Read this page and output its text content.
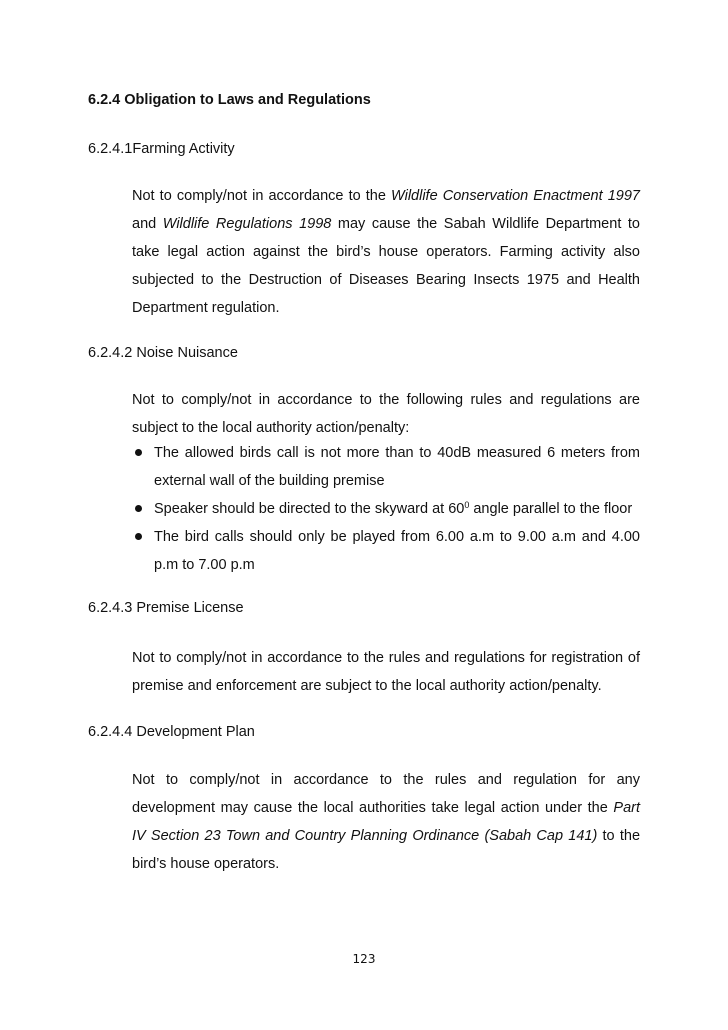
6.2.4 Obligation to Laws and Regulations
6.2.4.1Farming Activity
Not to comply/not in accordance to the Wildlife Conservation Enactment 1997
and Wildlife Regulations 1998 may cause the Sabah Wildlife Department to
take legal action against the bird’s house operators. Farming activity also
subjected to the Destruction of Diseases Bearing Insects 1975 and Health
Department regulation.
6.2.4.2 Noise Nuisance
Not to comply/not in accordance to the following rules and regulations are
subject to the local authority action/penalty:
The allowed birds call is not more than to 40dB measured 6 meters from
external wall of the building premise
Speaker should be directed to the skyward at $60^0$ angle parallel to the floor
The bird calls should only be played from 6.00 a.m to 9.00 a.m and 4.00
p.m to 7.00 p.m
6.2.4.3 Premise License
Not to comply/not in accordance to the rules and regulations for registration of
premise and enforcement are subject to the local authority action/penalty.
6.2.4.4 Development Plan
Not to comply/not in accordance to the rules and regulation for any
development may cause the local authorities take legal action under the Part
IV Section 23 Town and Country Planning Ordinance (Sabah Cap 141) to the
bird’s house operators.
123
